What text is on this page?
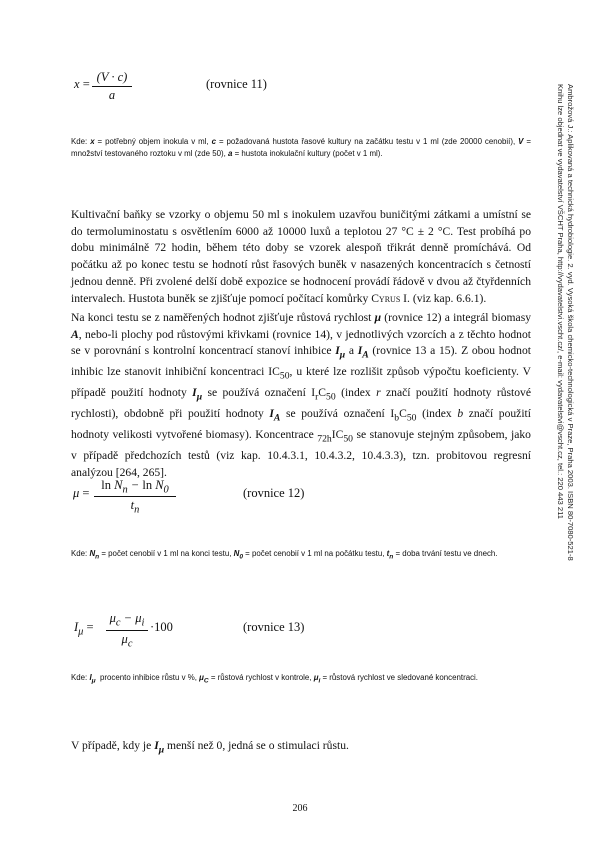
Ambrožová J.: Aplikovaná a technická hydrobiologie. 2. vyd. Vysoká škola chemicko-technologická v Praze, Praha 2003. ISBN 80-7080-521-8
Knihu lze objednat ve vydavatelství VŠCHT Praha, http://vydavatelstvi.vscht.cz/, e-mail: vydavatelstvi@vscht.cz, tel.: 220 443 211
x = (V · c)
a
(rovnice 11)
Kde: x = potřebný objem inokula v ml, c = požadovaná hustota řasové kultury na začátku testu v 1 ml (zde 20000 cenobií), V = množství testovaného roztoku v ml (zde 50), a = hustota inokulační kultury (počet v 1 ml).
Kultivační baňky se vzorky o objemu 50 ml s inokulem uzavřou buničitými zátkami a umístní se do termoluminostatu s osvětlením 6000 až 10000 luxů a teplotou 27 °C ± 2 °C. Test probíhá po dobu minimálně 72 hodin, během této doby se vzorek alespoň třikrát denně promíchává. Od počátku až po konec testu se hodnotí růst řasových buněk v nasazených koncentracích s četností jednou denně. Při zvolené delší době expozice se hodnocení provádí řádově v dvou až čtyřdenních intervalech. Hustota buněk se zjišťuje pomocí počítací komůrky Cyrus I. (viz kap. 6.6.1).
Na konci testu se z naměřených hodnot zjišťuje růstová rychlost μ (rovnice 12) a integrál biomasy A, nebo-li plochy pod růstovými křivkami (rovnice 14), v jednotlivých vzorcích a z těchto hodnot se v porovnání s kontrolní koncentrací stanoví inhibice $I_\mu$ a $I_A$ (rovnice 13 a 15). Z obou hodnot inhibic lze stanovit inhibiční koncentraci $IC_{50}$, u které lze rozlišit způsob výpočtu koeficienty. V případě použití hodnoty $I_\mu$ se používá označení $I_rC_{50}$ (index r značí použití hodnoty růstové rychlosti), obdobně při použití hodnoty $I_A$ se používá označení $I_bC_{50}$ (index b značí použití hodnoty velikosti vytvořené biomasy). Koncentrace $_{72h}IC_{50}$ se stanovuje stejným způsobem, jako v případě předchozích testů (viz kap. 10.4.3.1, 10.4.3.2, 10.4.3.3), tzn. probitovou regresní analýzou [264, 265].
μ =
$\ln N_n - \ln N_0$
$t_n$
(rovnice 12)
Kde: $N_n$ = počet cenobií v 1 ml na konci testu, $N_0$ = počet cenobií v 1 ml na počátku testu, $t_n$ = doba trvání testu ve dnech.
$I_\mu$ =
$\mu_c - \mu_i$
$\mu_c$
·100	(rovnice 13)
Kde: $I_\mu$  procento inhibice růstu v %, $\mu_C$ = růstová rychlost v kontrole, $\mu_i$ = růstová rychlost ve sledované koncentraci.
V případě, kdy je $I_\mu$ menší než 0, jedná se o stimulaci růstu.
206
